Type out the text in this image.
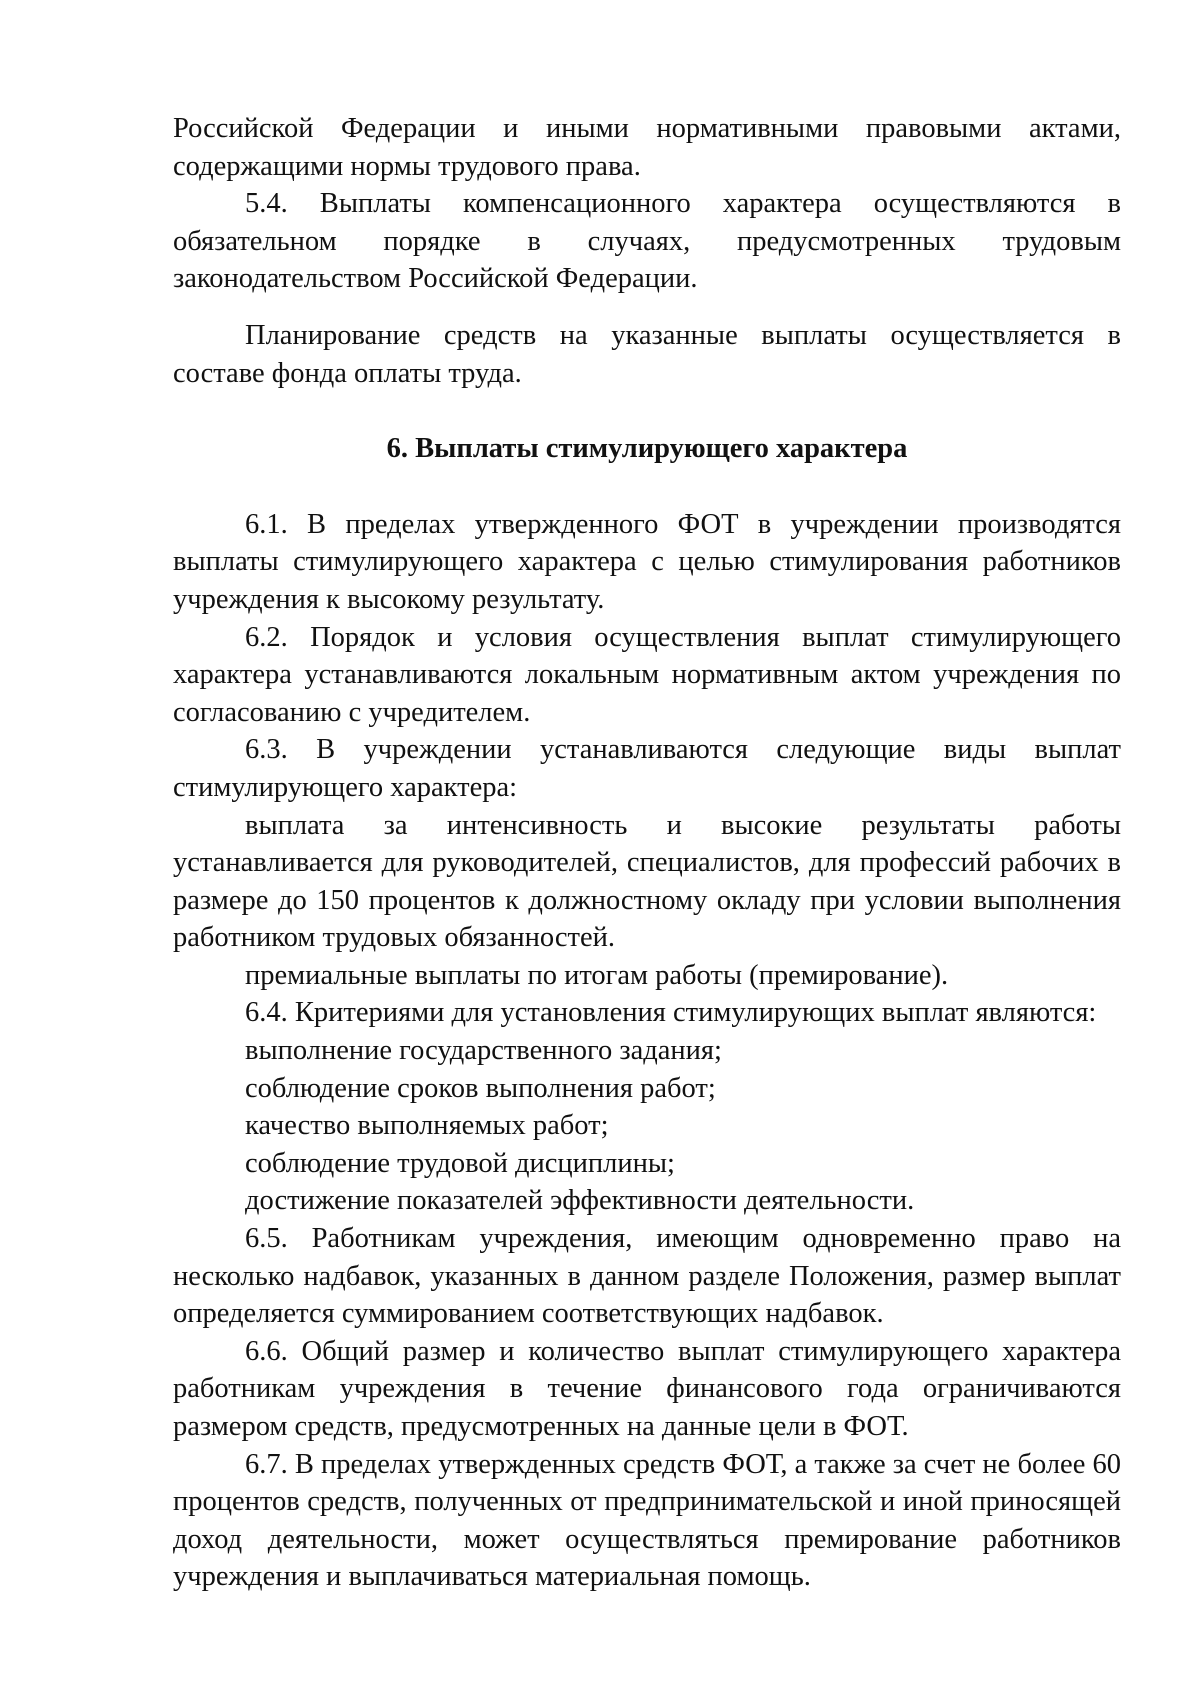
Российской Федерации и иными нормативными правовыми актами, содержащими нормы трудового права.

5.4. Выплаты компенсационного характера осуществляются в обязательном порядке в случаях, предусмотренных трудовым законодательством Российской Федерации.

Планирование средств на указанные выплаты осуществляется в составе фонда оплаты труда.

6. Выплаты стимулирующего характера

6.1. В пределах утвержденного ФОТ в учреждении производятся выплаты стимулирующего характера с целью стимулирования работников учреждения к высокому результату.

6.2. Порядок и условия осуществления выплат стимулирующего характера устанавливаются локальным нормативным актом учреждения по согласованию с учредителем.

6.3. В учреждении устанавливаются следующие виды выплат стимулирующего характера:

выплата за интенсивность и высокие результаты работы устанавливается для руководителей, специалистов, для профессий рабочих в размере до 150 процентов к должностному окладу при условии выполнения работником трудовых обязанностей.

премиальные выплаты по итогам работы (премирование).

6.4. Критериями для установления стимулирующих выплат являются:

выполнение государственного задания;

соблюдение сроков выполнения работ;

качество выполняемых работ;

соблюдение трудовой дисциплины;

достижение показателей эффективности деятельности.

6.5. Работникам учреждения, имеющим одновременно право на несколько надбавок, указанных в данном разделе Положения, размер выплат определяется суммированием соответствующих надбавок.

6.6. Общий размер и количество выплат стимулирующего характера работникам учреждения в течение финансового года ограничиваются размером средств, предусмотренных на данные цели в ФОТ.

6.7. В пределах утвержденных средств ФОТ, а также за счет не более 60 процентов средств, полученных от предпринимательской и иной приносящей доход деятельности, может осуществляться премирование работников учреждения и выплачиваться материальная помощь.
